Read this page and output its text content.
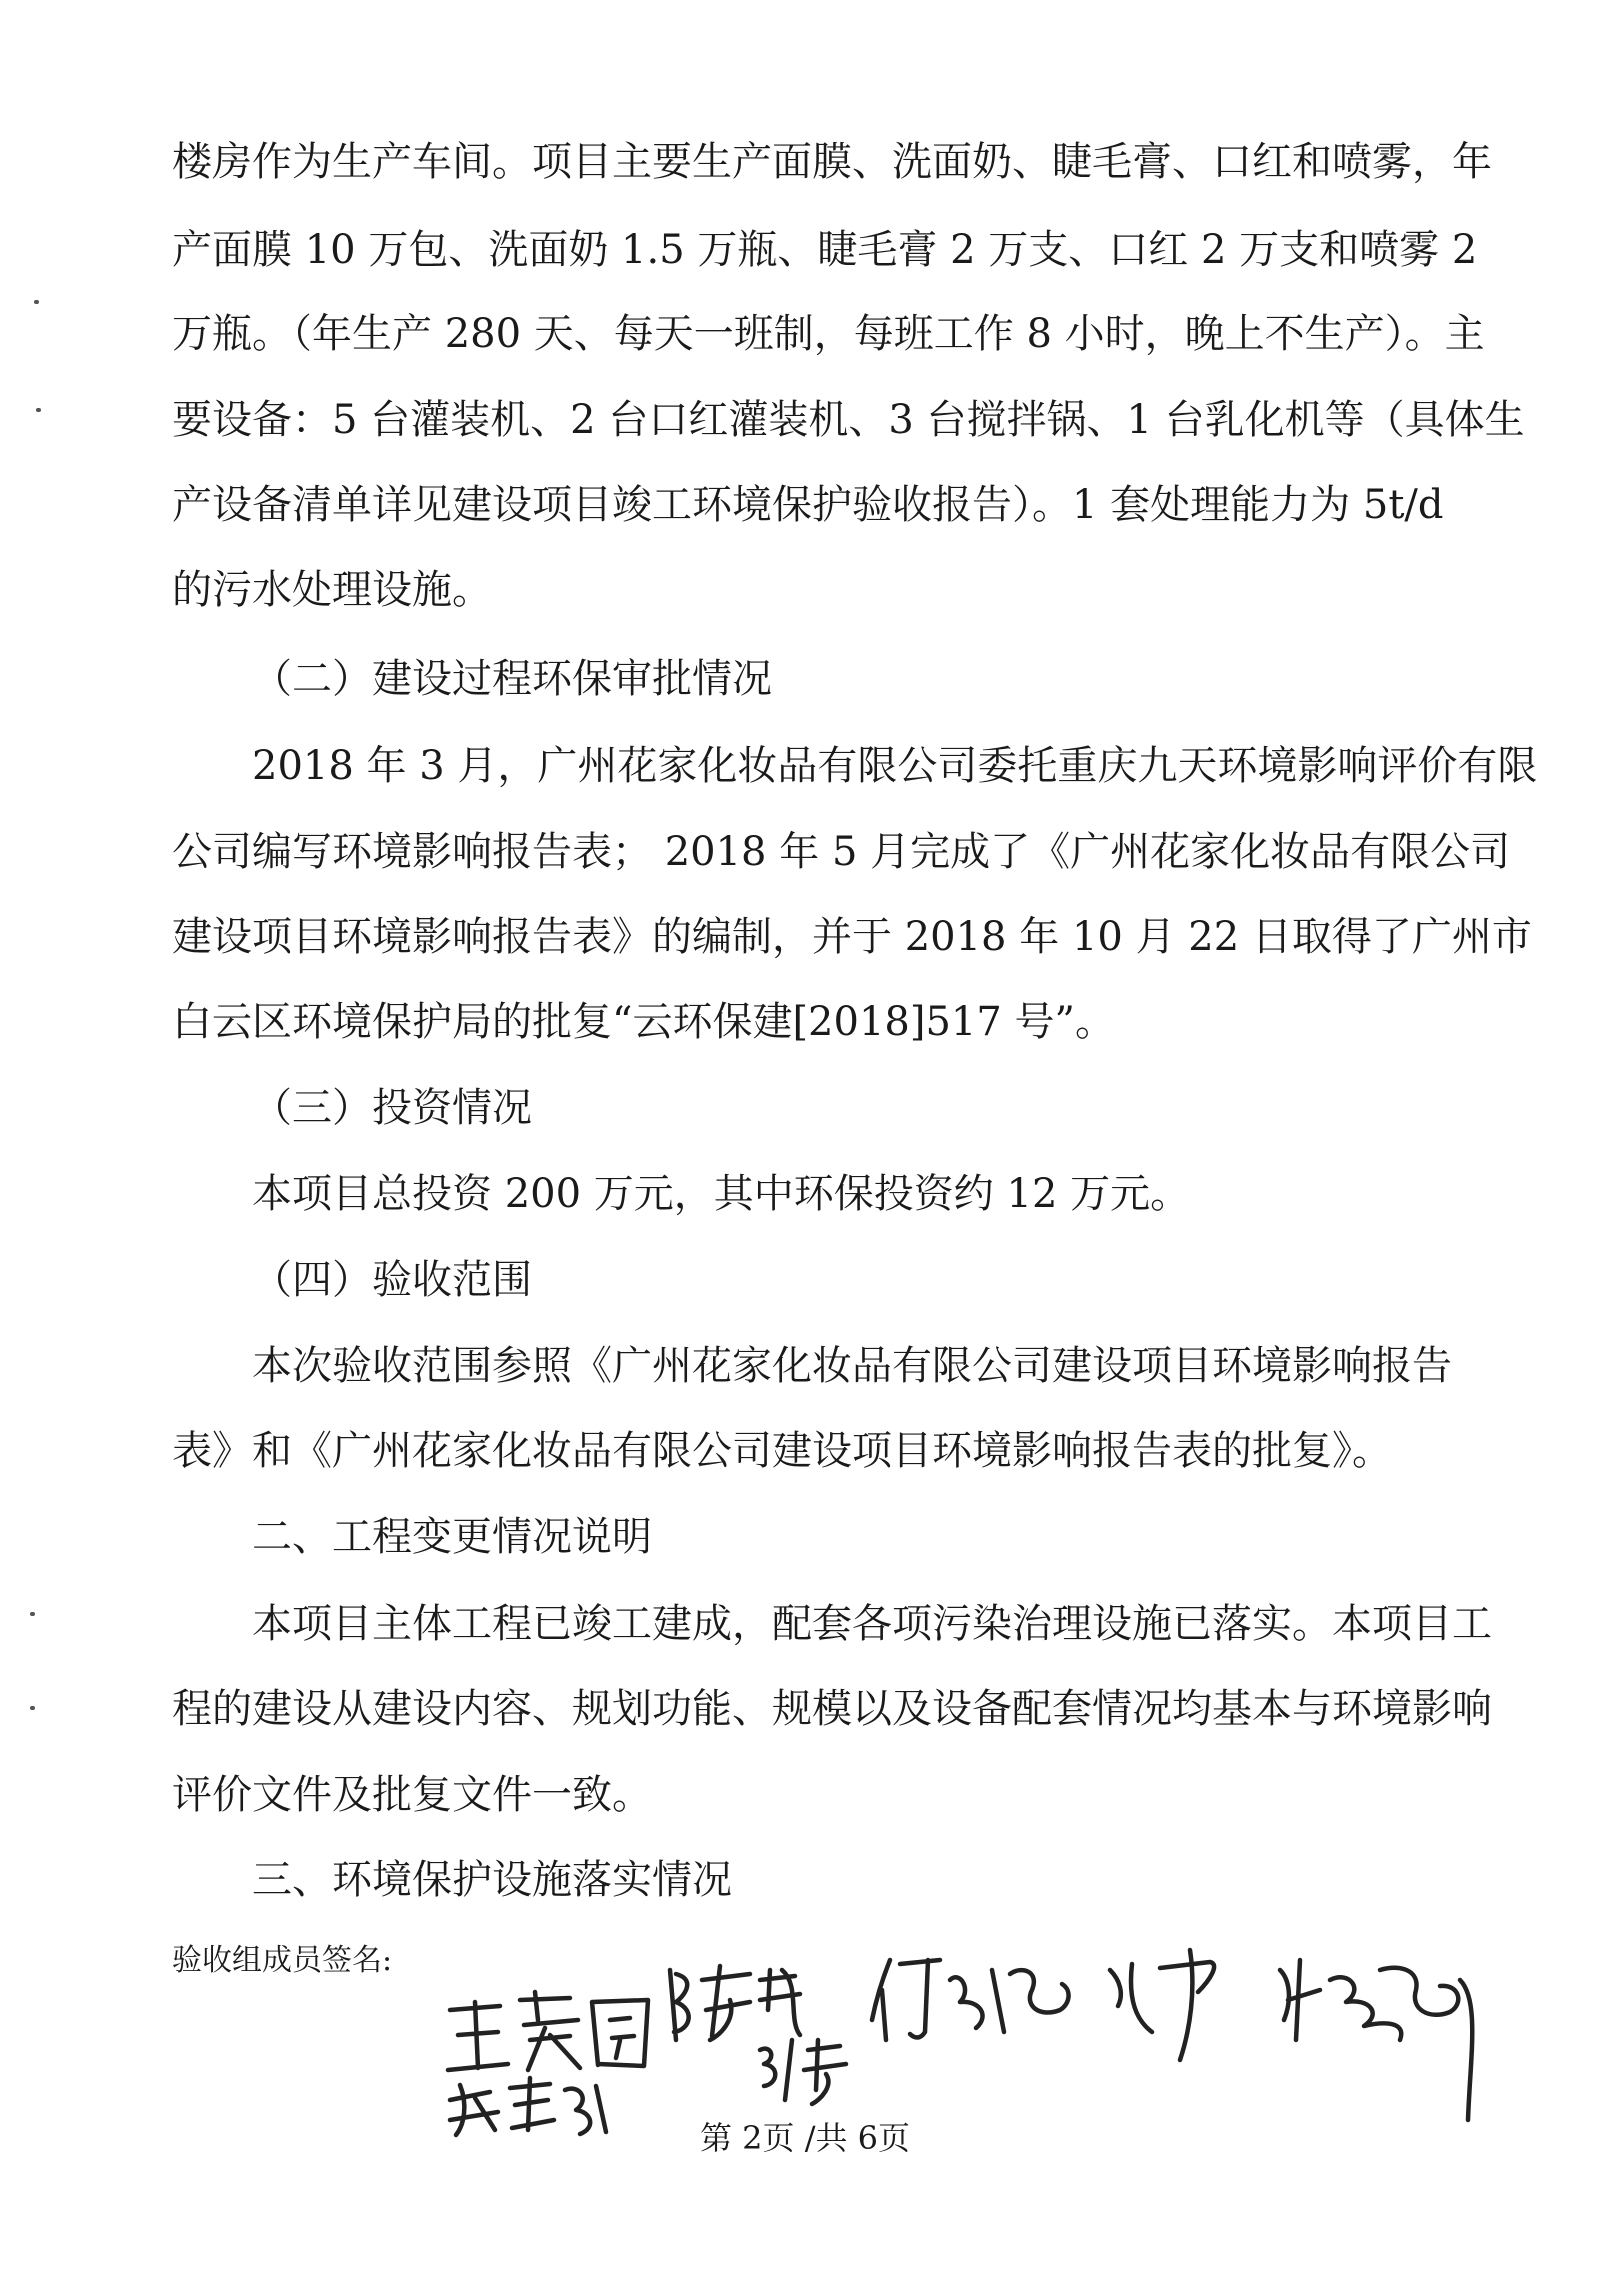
楼房作为生产车间。项目主要生产面膜、洗面奶、睫毛膏、口红和喷雾，年
产面膜 10 万包、洗面奶 1.5 万瓶、睫毛膏 2 万支、口红 2 万支和喷雾 2
万瓶。（年生产 280 天、每天一班制，每班工作 8 小时，晚上不生产）。主
要设备：5 台灌装机、2 台口红灌装机、3 台搅拌锅、1 台乳化机等（具体生
产设备清单详见建设项目竣工环境保护验收报告）。1 套处理能力为 5t/d
的污水处理设施。
（二）建设过程环保审批情况
2018 年 3 月，广州花家化妆品有限公司委托重庆九天环境影响评价有限
公司编写环境影响报告表； 2018 年 5 月完成了《广州花家化妆品有限公司
建设项目环境影响报告表》的编制，并于 2018 年 10 月 22 日取得了广州市
白云区环境保护局的批复“云环保建[2018]517 号”。
（三）投资情况
本项目总投资 200 万元，其中环保投资约 12 万元。
（四）验收范围
本次验收范围参照《广州花家化妆品有限公司建设项目环境影响报告
表》和《广州花家化妆品有限公司建设项目环境影响报告表的批复》。
二、工程变更情况说明
本项目主体工程已竣工建成，配套各项污染治理设施已落实。本项目工
程的建设从建设内容、规划功能、规模以及设备配套情况均基本与环境影响
评价文件及批复文件一致。
三、环境保护设施落实情况
验收组成员签名:
第 2页 /共 6页
